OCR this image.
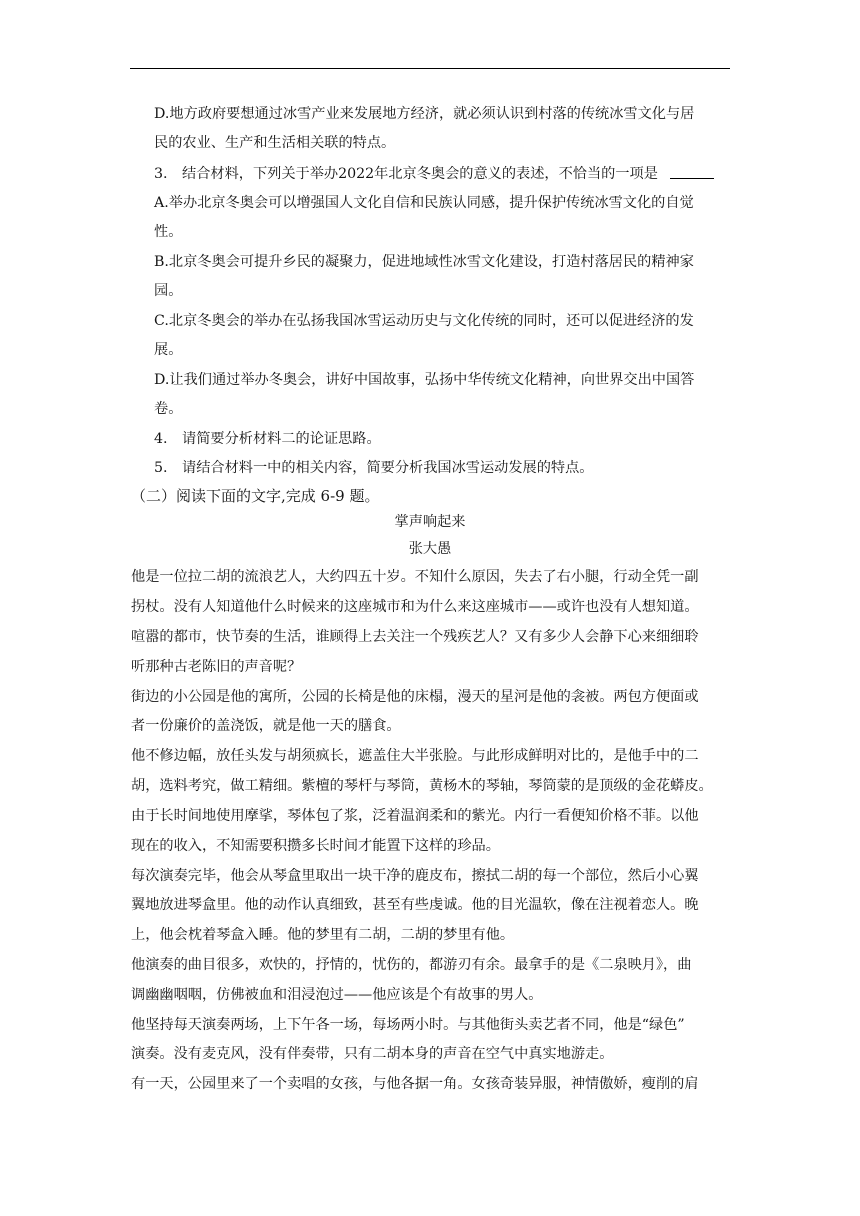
D.地方政府要想通过冰雪产业来发展地方经济，就必须认识到村落的传统冰雪文化与居
民的农业、生产和生活相关联的特点。
3. 结合材料，下列关于举办2022年北京冬奥会的意义的表述，不恰当的一项是
A.举办北京冬奥会可以增强国人文化自信和民族认同感，提升保护传统冰雪文化的自觉
性。
B.北京冬奥会可提升乡民的凝聚力，促进地域性冰雪文化建设，打造村落居民的精神家
园。
C.北京冬奥会的举办在弘扬我国冰雪运动历史与文化传统的同时，还可以促进经济的发
展。
D.让我们通过举办冬奥会，讲好中国故事，弘扬中华传统文化精神，向世界交出中国答
卷。
4. 请简要分析材料二的论证思路。
5. 请结合材料一中的相关内容，简要分析我国冰雪运动发展的特点。
（二）阅读下面的文字,完成 6-9 题。
掌声响起来
张大愚
他是一位拉二胡的流浪艺人，大约四五十岁。不知什么原因，失去了右小腿，行动全凭一副
拐杖。没有人知道他什么时候来的这座城市和为什么来这座城市——或许也没有人想知道。
喧嚣的都市，快节奏的生活，谁顾得上去关注一个残疾艺人？又有多少人会静下心来细细聆
听那种古老陈旧的声音呢？
街边的小公园是他的寓所，公园的长椅是他的床榻，漫天的星河是他的衾被。两包方便面或
者一份廉价的盖浇饭，就是他一天的膳食。
他不修边幅，放任头发与胡须疯长，遮盖住大半张脸。与此形成鲜明对比的，是他手中的二
胡，选料考究，做工精细。紫檀的琴杆与琴筒，黄杨木的琴轴，琴筒蒙的是顶级的金花蟒皮。
由于长时间地使用摩挲，琴体包了浆，泛着温润柔和的紫光。内行一看便知价格不菲。以他
现在的收入，不知需要积攒多长时间才能置下这样的珍品。
每次演奏完毕，他会从琴盒里取出一块干净的鹿皮布，擦拭二胡的每一个部位，然后小心翼
翼地放进琴盒里。他的动作认真细致，甚至有些虔诚。他的目光温软，像在注视着恋人。晚
上，他会枕着琴盒入睡。他的梦里有二胡，二胡的梦里有他。
他演奏的曲目很多，欢快的，抒情的，忧伤的，都游刃有余。最拿手的是《二泉映月》，曲
调幽幽咽咽，仿佛被血和泪浸泡过——他应该是个有故事的男人。
他坚持每天演奏两场，上下午各一场，每场两小时。与其他街头卖艺者不同，他是“绿色”
演奏。没有麦克风，没有伴奏带，只有二胡本身的声音在空气中真实地游走。
有一天，公园里来了一个卖唱的女孩，与他各据一角。女孩奇装异服，神情傲娇，瘦削的肩
